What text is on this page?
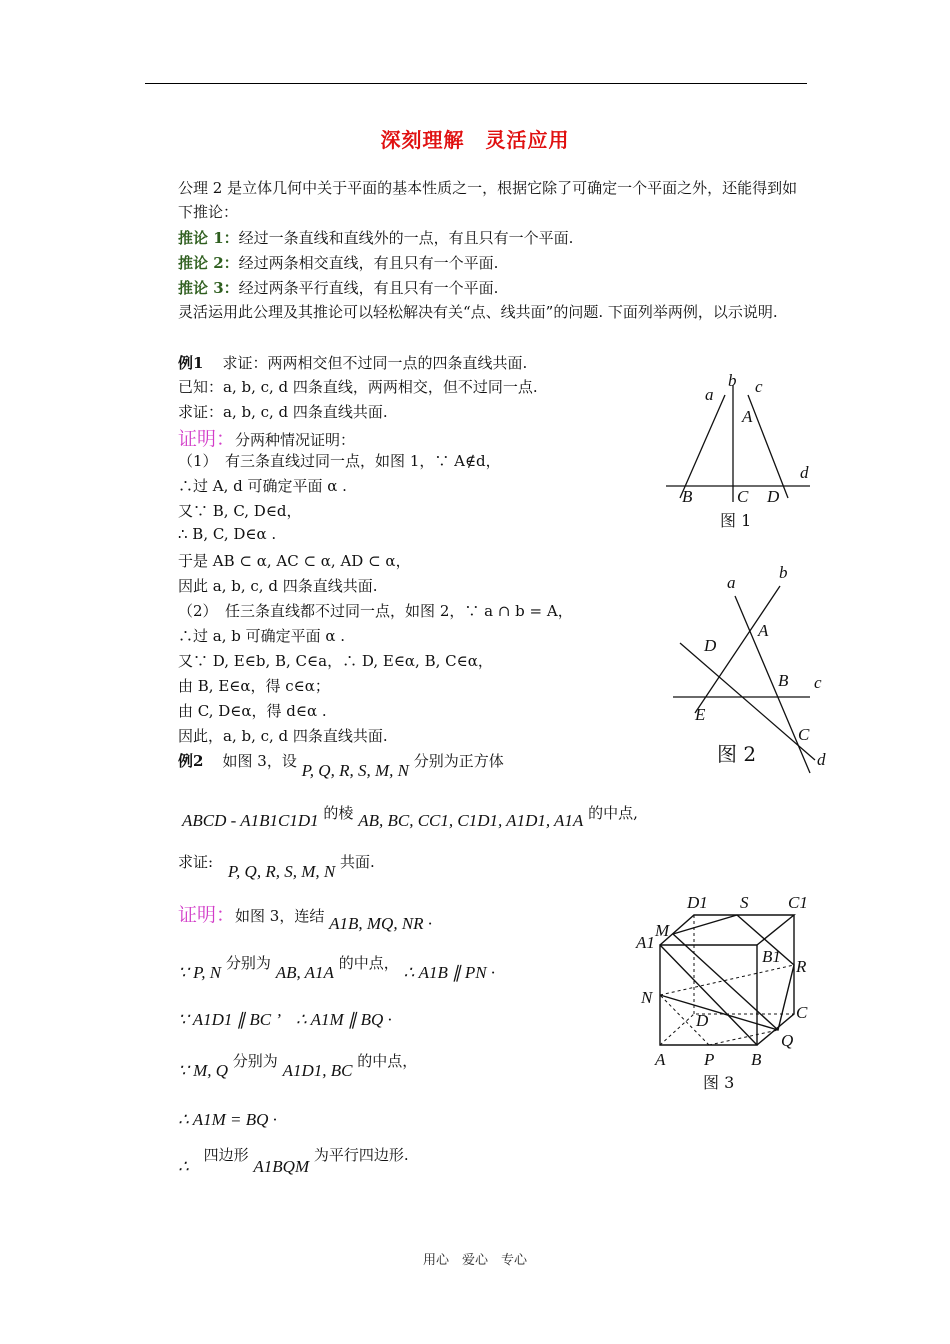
深刻理解　灵活应用
公理 2 是立体几何中关于平面的基本性质之一，根据它除了可确定一个平面之外，还能得到如下推论：
推论 1：经过一条直线和直线外的一点，有且只有一个平面.
推论 2：经过两条相交直线，有且只有一个平面.
推论 3：经过两条平行直线，有且只有一个平面.
灵活运用此公理及其推论可以轻松解决有关“点、线共面”的问题. 下面列举两例，以示说明.
例1 求证：两两相交但不过同一点的四条直线共面.
已知：a, b, c, d 四条直线，两两相交，但不过同一点.
求证：a, b, c, d 四条直线共面.
证明：分两种情况证明：
（1）　有三条直线过同一点，如图 1，∵ A∉d，
∴过 A, d 可确定平面 α .
又∵ B, C, D∈d，
∴ B, C, D∈α .
于是 AB ⊂ α, AC ⊂ α, AD ⊂ α，
因此 a, b, c, d 四条直线共面.
（2）　任三条直线都不过同一点，如图 2，∵ a ∩ b = A，
∴过 a, b 可确定平面 α .
又∵ D, E∈b, B, C∈a，∴ D, E∈α, B, C∈α，
由 B, E∈α，得 c∈α；
由 C, D∈α，得 d∈α .
因此，a, b, c, d 四条直线共面.
例2 如图 3，设 P, Q, R, S, M, N 分别为正方体
ABCD - A1B1C1D1 的棱 AB, BC, CC1, C1D1, A1D1, A1A 的中点,
求证: P, Q, R, S, M, N 共面.
证明：如图 3，连结 A1B, MQ, NR ·
∵ P, N 分别为 AB, A1A 的中点， ∴ A1B ∥ PN ·
∵ A1D1 ∥ BC ’ ∴ A1M ∥ BQ ·
∵ M, Q 分别为 A1D1, BC 的中点，
∴ A1M = BQ ·
∴ 四边形 A1BQM 为平行四边形.
a
b c
A
d
B	C D
图 1
a
b
A
D
B c
E
C
d
图 2
D1 S C1
M
A1
B1
R
N
C
D
Q
A P B
图 3
用心　爱心　专心
